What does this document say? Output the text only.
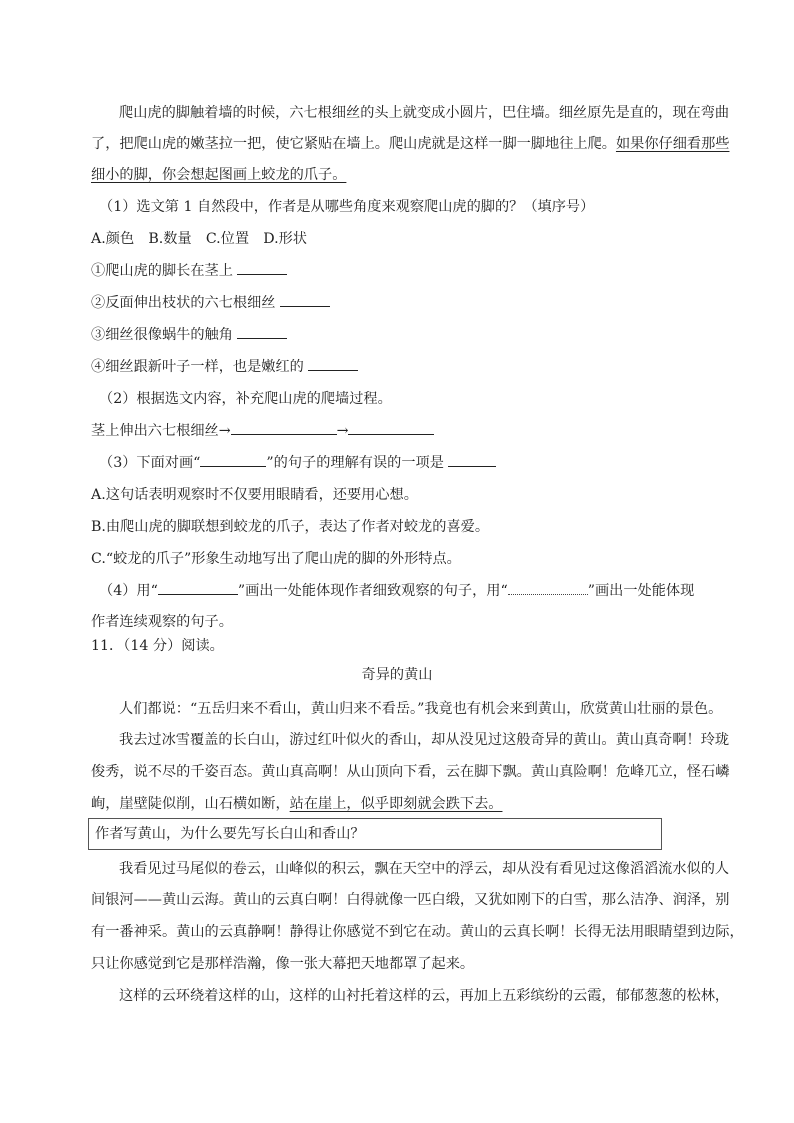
爬山虎的脚触着墙的时候，六七根细丝的头上就变成小圆片，巴住墙。细丝原先是直的，现在弯曲

了，把爬山虎的嫩茎拉一把，使它紧贴在墙上。爬山虎就是这样一脚一脚地往上爬。如果你仔细看那些

细小的脚，你会想起图画上蛟龙的爪子。

（1）选文第 1 自然段中，作者是从哪些角度来观察爬山虎的脚的？（填序号）

A.颜色　B.数量　C.位置　D.形状

①爬山虎的脚长在茎上

②反面伸出枝状的六七根细丝

③细丝很像蜗牛的触角

④细丝跟新叶子一样，也是嫩红的

（2）根据选文内容，补充爬山虎的爬墙过程。

茎上伸出六七根细丝→	→

（3）下面对画“	”的句子的理解有误的一项是

A.这句话表明观察时不仅要用眼睛看，还要用心想。

B.由爬山虎的脚联想到蛟龙的爪子，表达了作者对蛟龙的喜爱。

C.“蛟龙的爪子”形象生动地写出了爬山虎的脚的外形特点。

（4）用“	”画出一处能体现作者细致观察的句子，用“	”画出一处能体现

作者连续观察的句子。

11．（14 分）阅读。

奇异的黄山

人们都说：“五岳归来不看山，黄山归来不看岳。”我竟也有机会来到黄山，欣赏黄山壮丽的景色。

我去过冰雪覆盖的长白山，游过红叶似火的香山，却从没见过这般奇异的黄山。黄山真奇啊！玲珑

俊秀，说不尽的千姿百态。黄山真高啊！从山顶向下看，云在脚下飘。黄山真险啊！危峰兀立，怪石嶙

峋，崖壁陡似削，山石横如断，站在崖上，似乎即刻就会跌下去。

作者写黄山，为什么要先写长白山和香山？

我看见过马尾似的卷云，山峰似的积云，飘在天空中的浮云，却从没有看见过这像滔滔流水似的人

间银河——黄山云海。黄山的云真白啊！白得就像一匹白缎，又犹如刚下的白雪，那么洁净、润泽，别

有一番神采。黄山的云真静啊！静得让你感觉不到它在动。黄山的云真长啊！长得无法用眼睛望到边际，

只让你感觉到它是那样浩瀚，像一张大幕把天地都罩了起来。

这样的云环绕着这样的山，这样的山衬托着这样的云，再加上五彩缤纷的云霞，郁郁葱葱的松林，
